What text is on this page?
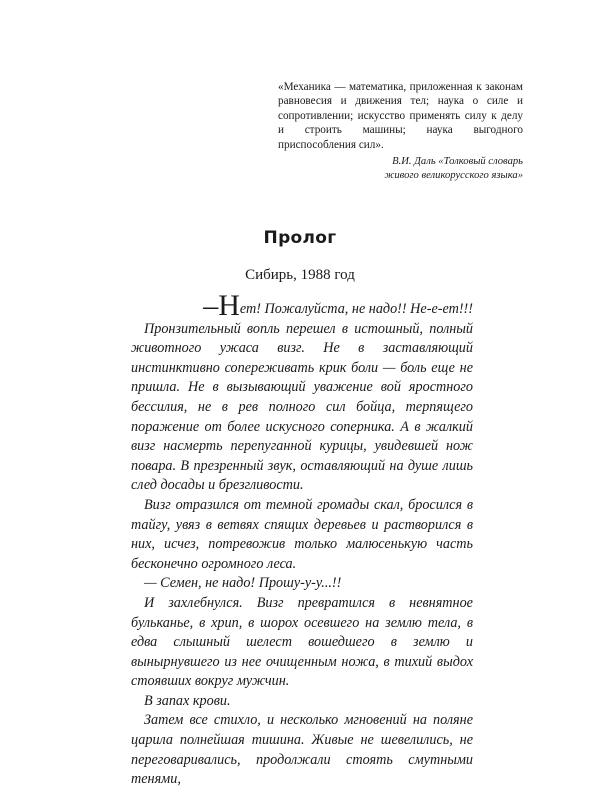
«Механика — математика, приложенная к законам равновесия и движения тел; наука о силе и сопротивлении; искусство применять силу к делу и строить машины; наука выгодного приспособления сил».

В.И. Даль «Толковый словарь
живого великорусского языка»

Пролог
Сибирь, 1988 год

–Нет! Пожалуйста, не надо!! Не-е-ет!!!

Пронзительный вопль перешел в истошный, полный животного ужаса визг. Не в заставляющий инстинктивно сопереживать крик боли — боль еще не пришла. Не в вызывающий уважение вой яростного бессилия, не в рев полного сил бойца, терпящего поражение от более искусного соперника. А в жалкий визг насмерть перепуганной курицы, увидевшей нож повара. В презренный звук, оставляющий на душе лишь след досады и брезгливости.

Визг отразился от темной громады скал, бросился в тайгу, увяз в ветвях спящих деревьев и растворился в них, исчез, потревожив только малюсенькую часть бесконечно огромного леса.

— Семен, не надо! Прошу-у-у...!!

И захлебнулся. Визг превратился в невнятное бульканье, в хрип, в шорох осевшего на землю тела, в едва слышный шелест вошедшего в землю и вынырнувшего из нее очищенным ножа, в тихий выдох стоявших вокруг мужчин.

В запах крови.

Затем все стихло, и несколько мгновений на поляне царила полнейшая тишина. Живые не шевелились, не переговаривались, продолжали стоять смутными тенями,
